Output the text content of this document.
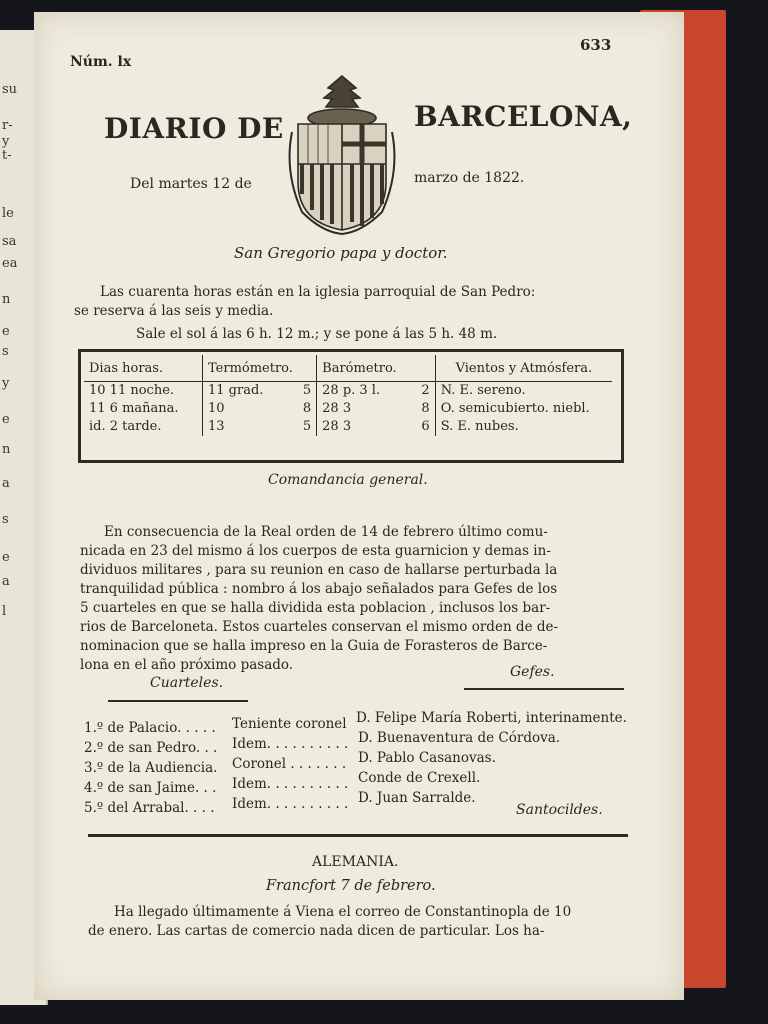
su
r-
y
t-
le
sa
ea
n
e
s
y
e
n
a
s
e
a
l
Núm. lx
633
DIARIO DE	BARCELONA,
Del martes 12 de	marzo de 1822.
San Gregorio papa y doctor.
Las cuarenta horas están en la iglesia parroquial de San Pedro:
se reserva á las seis y media.
Sale el sol á las 6 h. 12 m.; y se pone á las 5 h. 48 m.
Dias horas.	Termómetro.		Barómetro.		Vientos y Atmósfera.
10 11 noche.	11 grad.	5	28 p. 3 l.	2	N. E. sereno.
11 6 mañana.	10	8	28 3	8	O. semicubierto. niebl.
id. 2 tarde.	13	5	28 3	6	S. E. nubes.
Comandancia general.
En consecuencia de la Real orden de 14 de febrero último comu-
nicada en 23 del mismo á los cuerpos de esta guarnicion y demas in-
dividuos militares , para su reunion en caso de hallarse perturbada la
tranquilidad pública : nombro á los abajo señalados para Gefes de los
5 cuarteles en que se halla dividida esta poblacion , inclusos los bar-
rios de Barceloneta. Estos cuarteles conservan el mismo orden de de-
nominacion que se halla impreso en la Guia de Forasteros de Barce-
lona en el año próximo pasado.
Cuarteles.
Gefes.
1.º de Palacio. . . . . Teniente coronel D. Felipe María Roberti, interinamente.
2.º de san Pedro. . . Idem. . . . . . . . . . D. Buenaventura de Córdova.
3.º de la Audiencia. Coronel . . . . . . . D. Pablo Casanovas.
4.º de san Jaime. . . Idem. . . . . . . . . . Conde de Crexell.
5.º del Arrabal. . . . Idem. . . . . . . . . . D. Juan Sarralde.
Santocildes.
ALEMANIA.
Francfort 7 de febrero.
Ha llegado últimamente á Viena el correo de Constantinopla de 10
de enero. Las cartas de comercio nada dicen de particular. Los ha-
